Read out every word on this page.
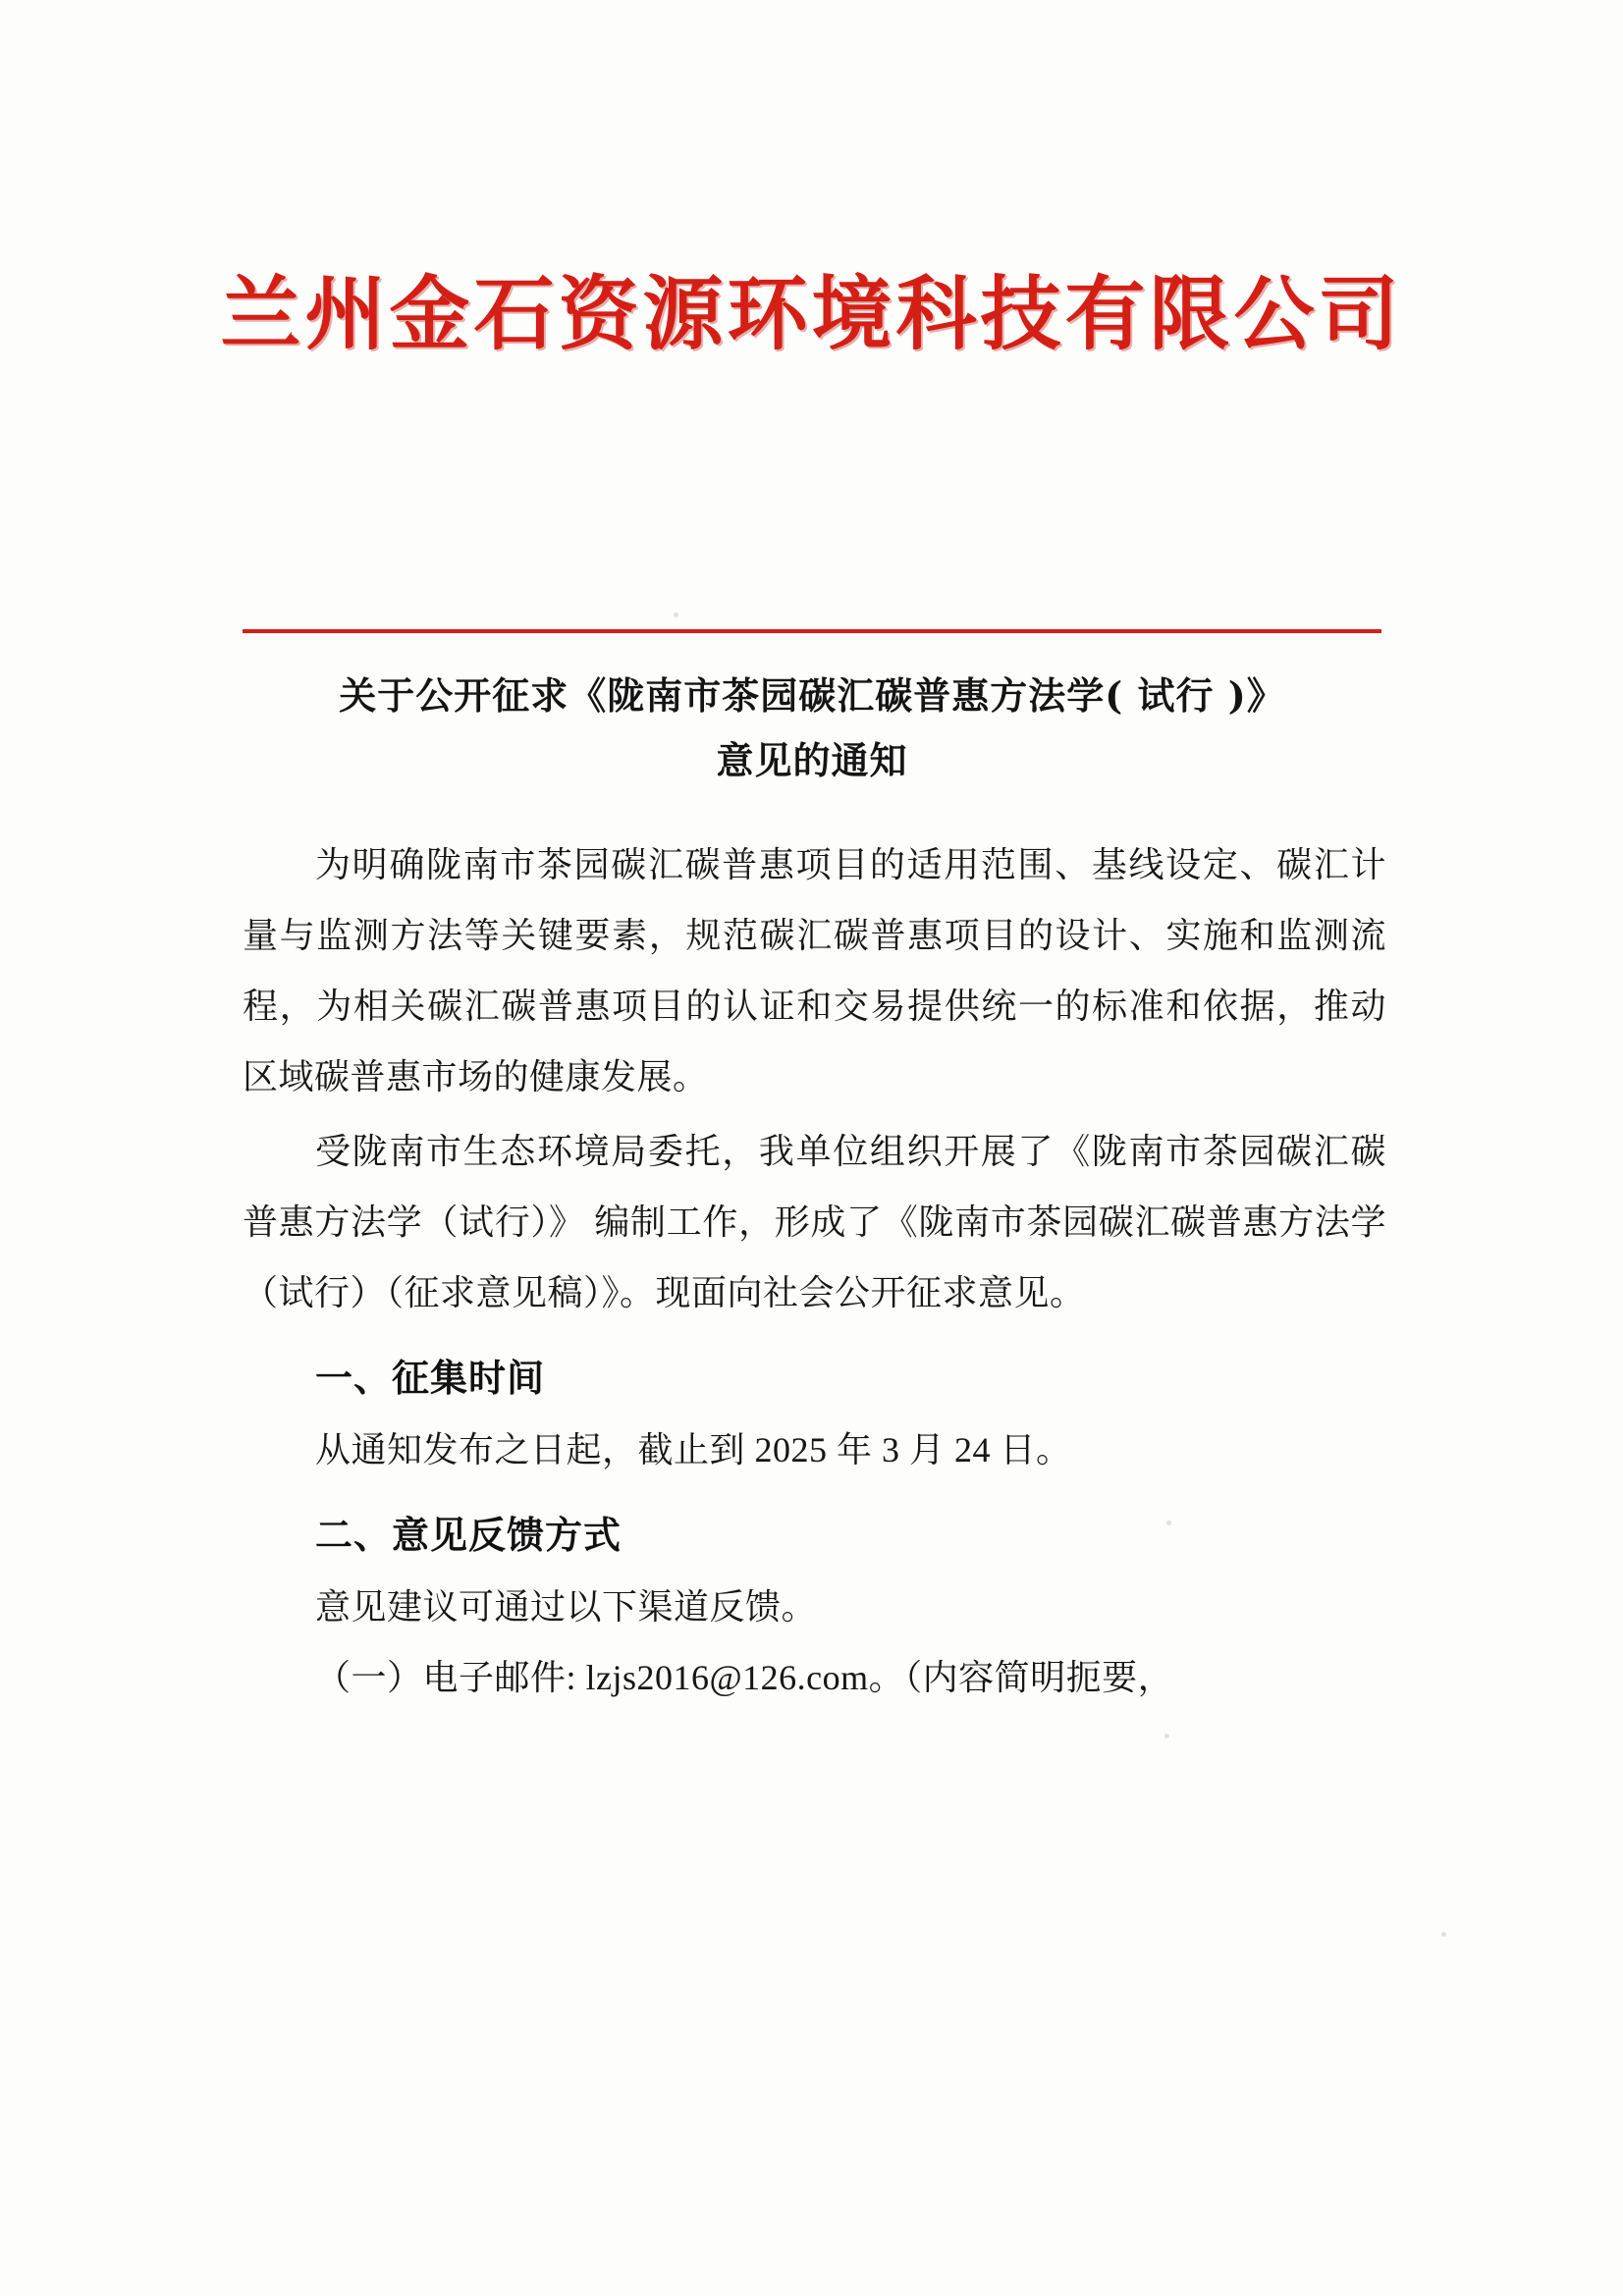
兰州金石资源环境科技有限公司
关于公开征求《陇南市茶园碳汇碳普惠方法学( 试行 )》
意见的通知

为明确陇南市茶园碳汇碳普惠项目的适用范围、基线设定、碳汇计量与监测方法等关键要素，规范碳汇碳普惠项目的设计、实施和监测流程，为相关碳汇碳普惠项目的认证和交易提供统一的标准和依据，推动区域碳普惠市场的健康发展。

受陇南市生态环境局委托，我单位组织开展了《陇南市茶园碳汇碳普惠方法学（试行）》 编制工作，形成了《陇南市茶园碳汇碳普惠方法学（试行）（征求意见稿）》。现面向社会公开征求意见。

一、征集时间

从通知发布之日起，截止到 2025 年 3 月 24 日。

二、意见反馈方式

意见建议可通过以下渠道反馈。

（一）电子邮件: lzjs2016@126.com。（内容简明扼要，
